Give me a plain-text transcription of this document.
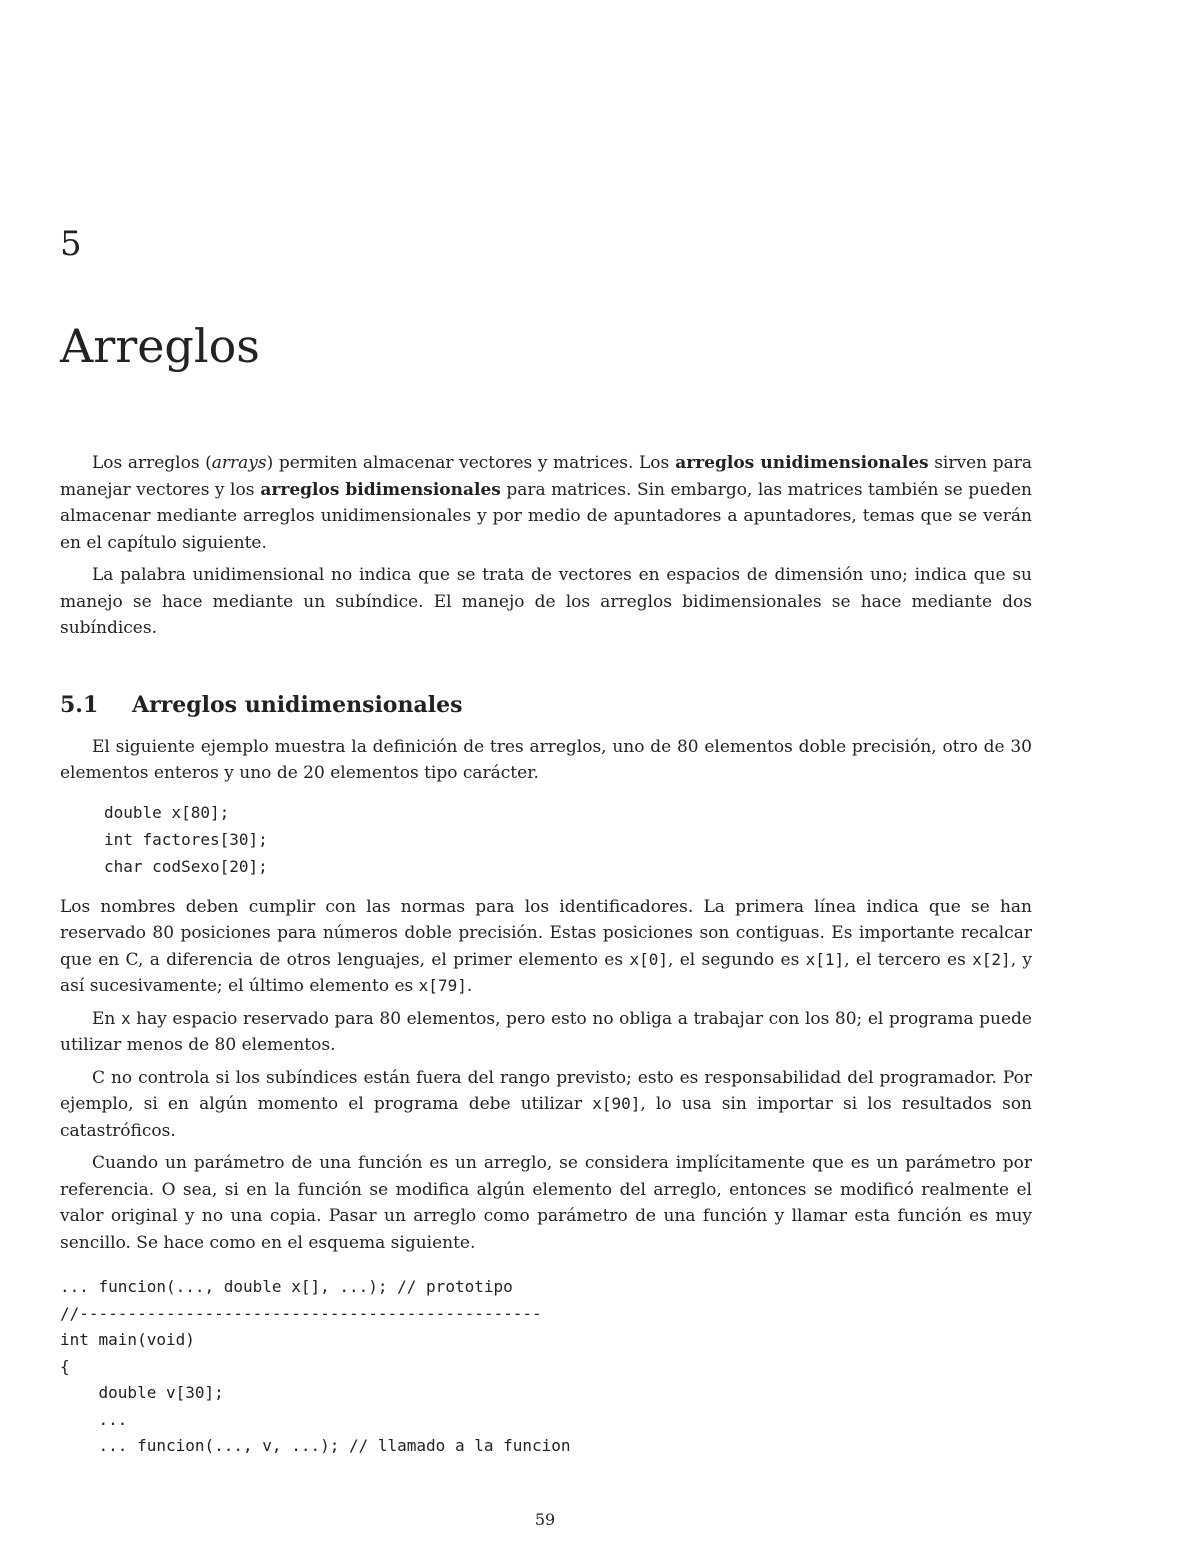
5
Arreglos

Los arreglos (arrays) permiten almacenar vectores y matrices. Los arreglos unidimensionales sirven para manejar vectores y los arreglos bidimensionales para matrices. Sin embargo, las matrices también se pueden almacenar mediante arreglos unidimensionales y por medio de apuntadores a apuntadores, temas que se verán en el capítulo siguiente.

La palabra unidimensional no indica que se trata de vectores en espacios de dimensión uno; indica que su manejo se hace mediante un subíndice. El manejo de los arreglos bidimensionales se hace mediante dos subíndices.

5.1 Arreglos unidimensionales

El siguiente ejemplo muestra la definición de tres arreglos, uno de 80 elementos doble precisión, otro de 30 elementos enteros y uno de 20 elementos tipo carácter.

double x[80];
int factores[30];
char codSexo[20];

Los nombres deben cumplir con las normas para los identificadores. La primera línea indica que se han reservado 80 posiciones para números doble precisión. Estas posiciones son contiguas. Es importante recalcar que en C, a diferencia de otros lenguajes, el primer elemento es x[0], el segundo es x[1], el tercero es x[2], y así sucesivamente; el último elemento es x[79].

En x hay espacio reservado para 80 elementos, pero esto no obliga a trabajar con los 80; el programa puede utilizar menos de 80 elementos.

C no controla si los subíndices están fuera del rango previsto; esto es responsabilidad del programador. Por ejemplo, si en algún momento el programa debe utilizar x[90], lo usa sin importar si los resultados son catastróficos.

Cuando un parámetro de una función es un arreglo, se considera implícitamente que es un parámetro por referencia. O sea, si en la función se modifica algún elemento del arreglo, entonces se modificó realmente el valor original y no una copia. Pasar un arreglo como parámetro de una función y llamar esta función es muy sencillo. Se hace como en el esquema siguiente.

... funcion(..., double x[], ...); // prototipo
//------------------------------------------------
int main(void)
{
double v[30];
...
... funcion(..., v, ...); // llamado a la funcion
59
